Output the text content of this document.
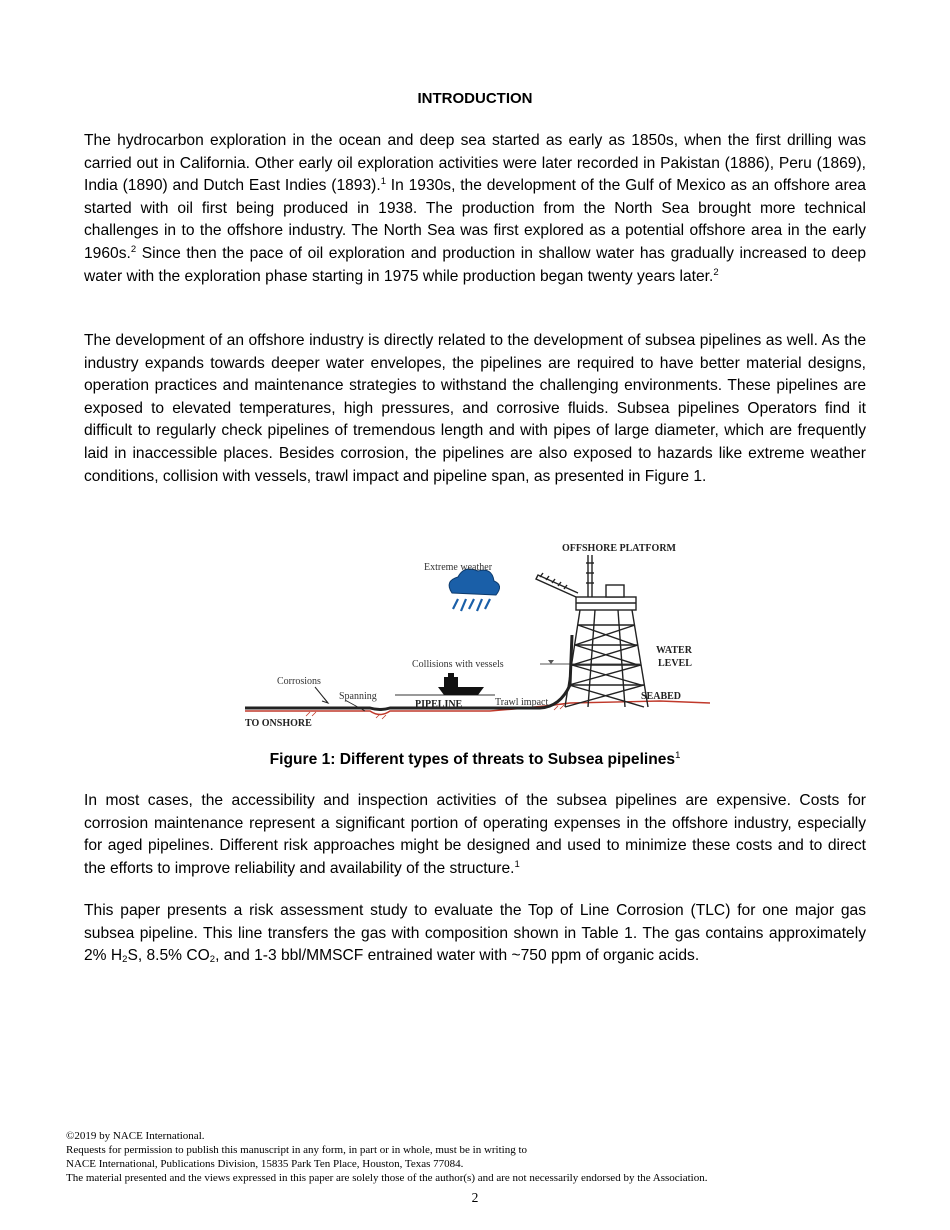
INTRODUCTION

The hydrocarbon exploration in the ocean and deep sea started as early as 1850s, when the first drilling was carried out in California. Other early oil exploration activities were later recorded in Pakistan (1886), Peru (1869), India (1890) and Dutch East Indies (1893).$^1$ In 1930s, the development of the Gulf of Mexico as an offshore area started with oil first being produced in 1938. The production from the North Sea brought more technical challenges in to the offshore industry. The North Sea was first explored as a potential offshore area in the early 1960s.$^2$ Since then the pace of oil exploration and production in shallow water has gradually increased to deep water with the exploration phase starting in 1975 while production began twenty years later.$^2$

The development of an offshore industry is directly related to the development of subsea pipelines as well. As the industry expands towards deeper water envelopes, the pipelines are required to have better material designs, operation practices and maintenance strategies to withstand the challenging environments. These pipelines are exposed to elevated temperatures, high pressures, and corrosive fluids. Subsea pipelines Operators find it difficult to regularly check pipelines of tremendous length and with pipes of large diameter, which are frequently laid in inaccessible places. Besides corrosion, the pipelines are also exposed to hazards like extreme weather conditions, collision with vessels, trawl impact and pipeline span, as presented in Figure 1.

OFFSHORE PLATFORM
Extreme weather
WATER
LEVEL
Collisions with vessels
Corrosions
Spanning
PIPELINE	Trawl impact
SEABED
TO ONSHORE
Figure 1: Different types of threats to Subsea pipelines$^1$

In most cases, the accessibility and inspection activities of the subsea pipelines are expensive. Costs for corrosion maintenance represent a significant portion of operating expenses in the offshore industry, especially for aged pipelines. Different risk approaches might be designed and used to minimize these costs and to direct the efforts to improve reliability and availability of the structure.$^1$

This paper presents a risk assessment study to evaluate the Top of Line Corrosion (TLC) for one major gas subsea pipeline. This line transfers the gas with composition shown in Table 1. The gas contains approximately 2% $H_2S$, 8.5% $CO_2$, and 1-3 bbl/MMSCF entrained water with ~750 ppm of organic acids.

©2019 by NACE International.
Requests for permission to publish this manuscript in any form, in part or in whole, must be in writing to
NACE International, Publications Division, 15835 Park Ten Place, Houston, Texas 77084.
The material presented and the views expressed in this paper are solely those of the author(s) and are not necessarily endorsed by the Association.
2
